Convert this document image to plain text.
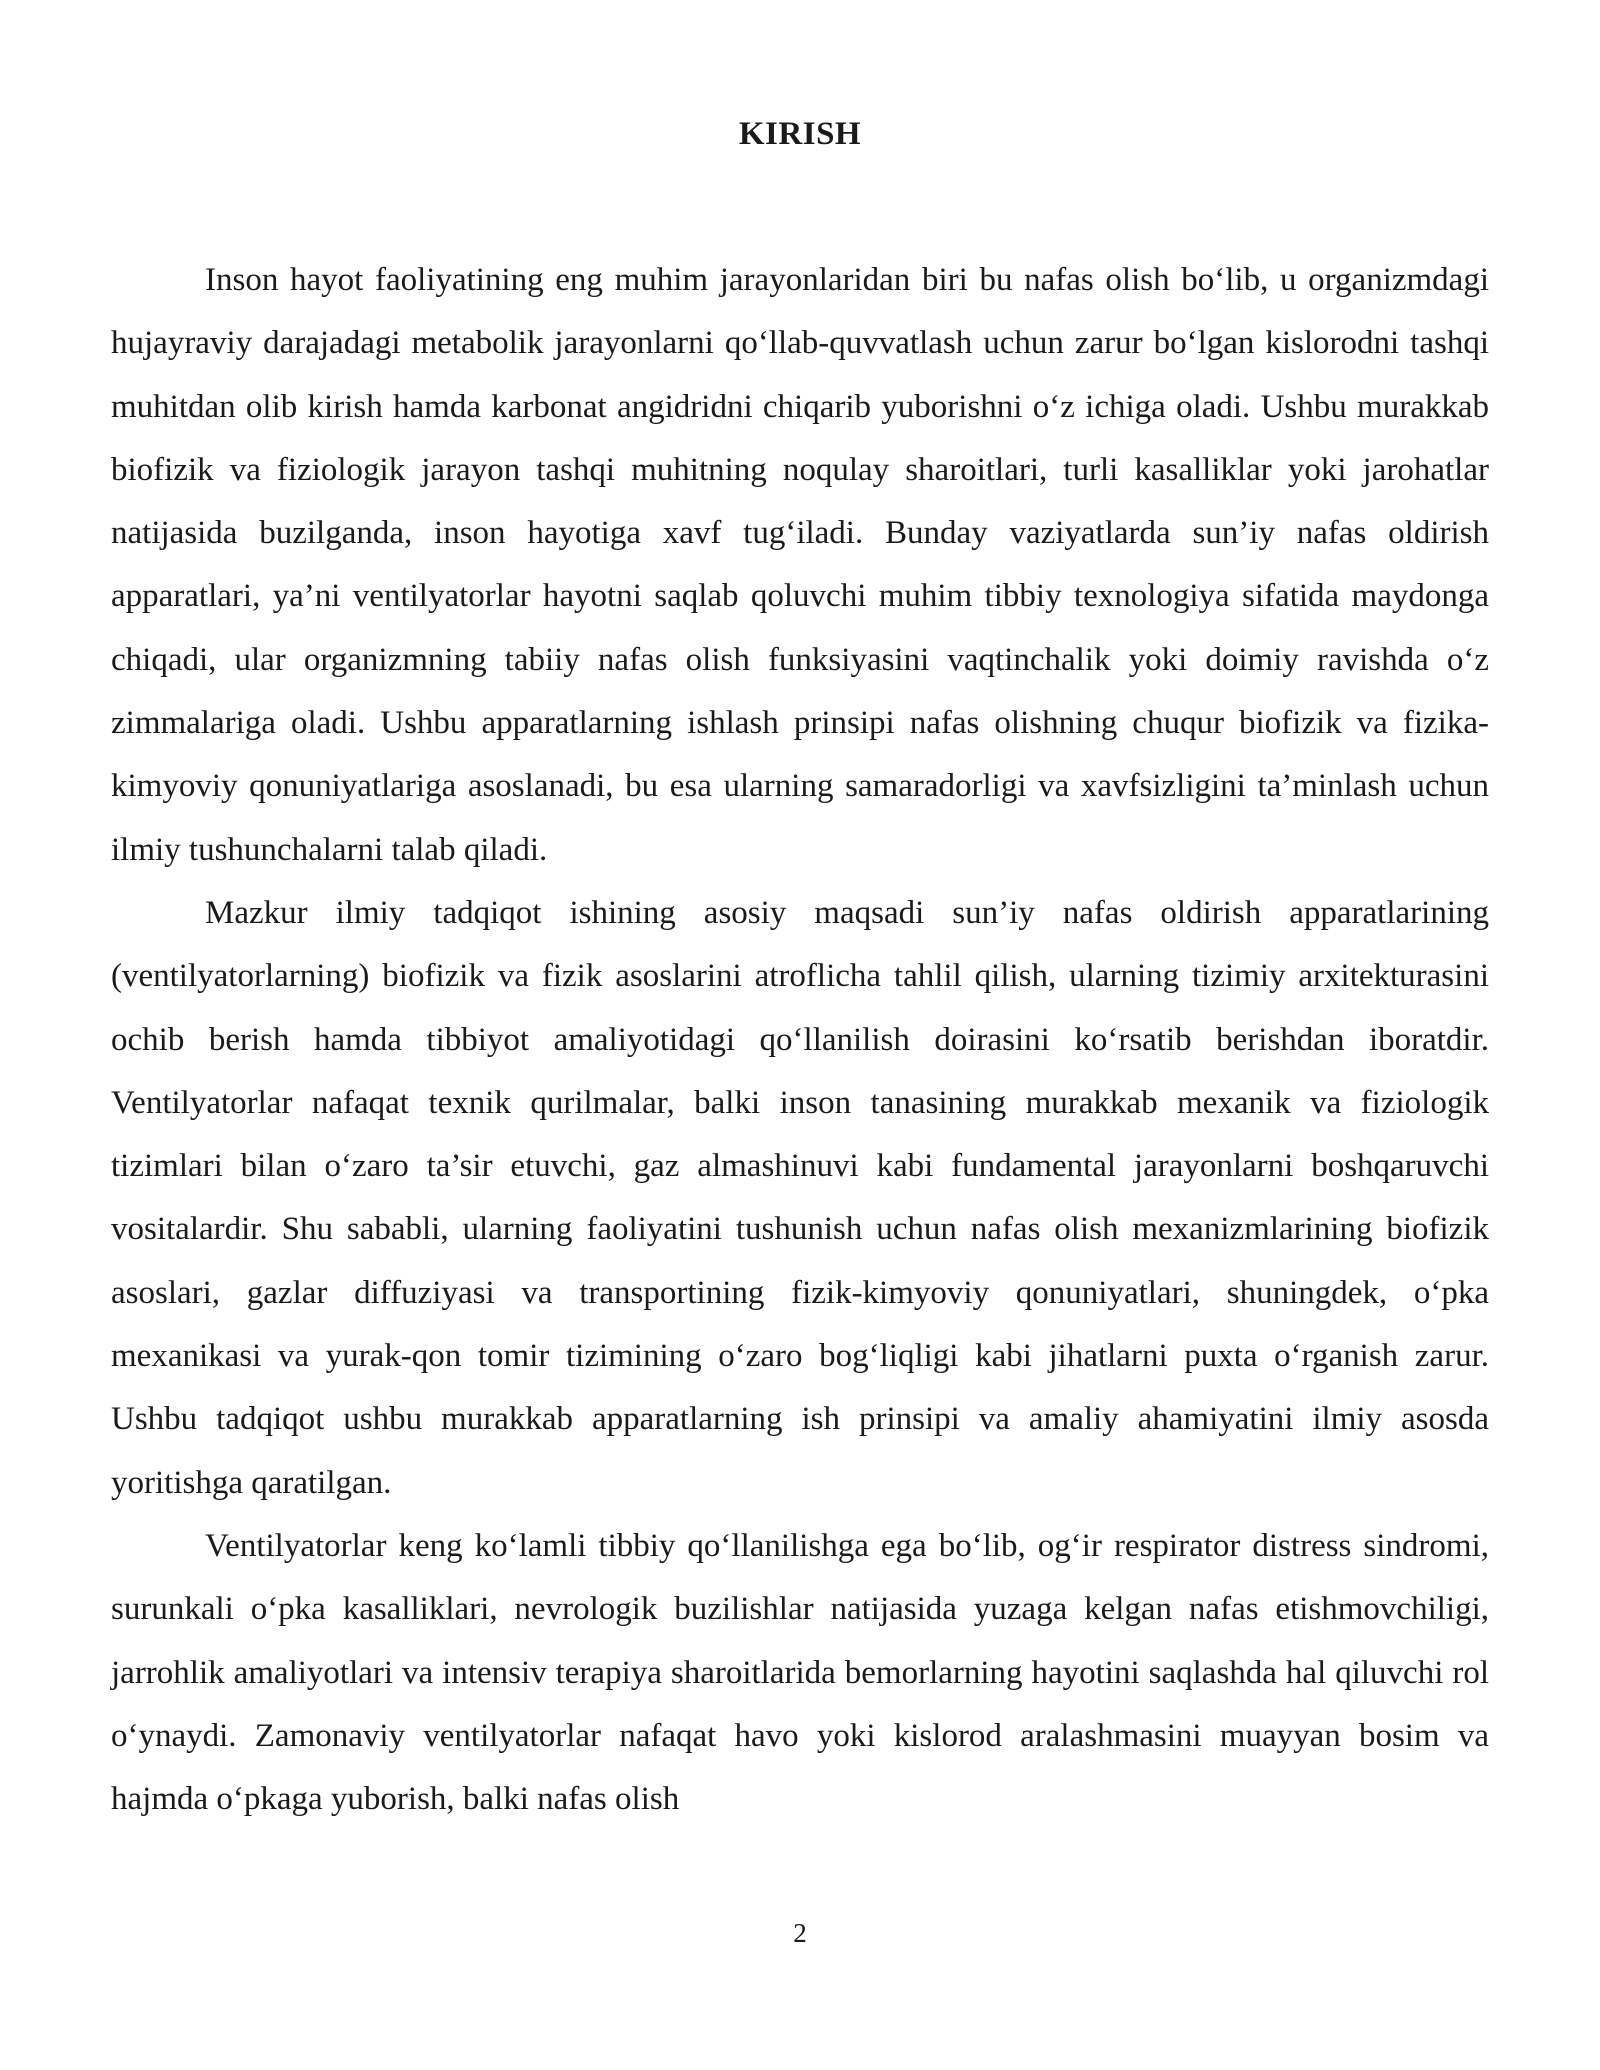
KIRISH

Inson hayot faoliyatining eng muhim jarayonlaridan biri bu nafas olish bo‘lib, u organizmdagi hujayraviy darajadagi metabolik jarayonlarni qo‘llab-quvvatlash uchun zarur bo‘lgan kislorodni tashqi muhitdan olib kirish hamda karbonat angidridni chiqarib yuborishni o‘z ichiga oladi. Ushbu murakkab biofizik va fiziologik jarayon tashqi muhitning noqulay sharoitlari, turli kasalliklar yoki jarohatlar natijasida buzilganda, inson hayotiga xavf tug‘iladi. Bunday vaziyatlarda sun’iy nafas oldirish apparatlari, ya’ni ventilyatorlar hayotni saqlab qoluvchi muhim tibbiy texnologiya sifatida maydonga chiqadi, ular organizmning tabiiy nafas olish funksiyasini vaqtinchalik yoki doimiy ravishda o‘z zimmalariga oladi. Ushbu apparatlarning ishlash prinsipi nafas olishning chuqur biofizik va fizika-kimyoviy qonuniyatlariga asoslanadi, bu esa ularning samaradorligi va xavfsizligini ta’minlash uchun ilmiy tushunchalarni talab qiladi.

Mazkur ilmiy tadqiqot ishining asosiy maqsadi sun’iy nafas oldirish apparatlarining (ventilyatorlarning) biofizik va fizik asoslarini atroflicha tahlil qilish, ularning tizimiy arxitekturasini ochib berish hamda tibbiyot amaliyotidagi qo‘llanilish doirasini ko‘rsatib berishdan iboratdir. Ventilyatorlar nafaqat texnik qurilmalar, balki inson tanasining murakkab mexanik va fiziologik tizimlari bilan o‘zaro ta’sir etuvchi, gaz almashinuvi kabi fundamental jarayonlarni boshqaruvchi vositalardir. Shu sababli, ularning faoliyatini tushunish uchun nafas olish mexanizmlarining biofizik asoslari, gazlar diffuziyasi va transportining fizik-kimyoviy qonuniyatlari, shuningdek, o‘pka mexanikasi va yurak-qon tomir tizimining o‘zaro bog‘liqligi kabi jihatlarni puxta o‘rganish zarur. Ushbu tadqiqot ushbu murakkab apparatlarning ish prinsipi va amaliy ahamiyatini ilmiy asosda yoritishga qaratilgan.

Ventilyatorlar keng ko‘lamli tibbiy qo‘llanilishga ega bo‘lib, og‘ir respirator distress sindromi, surunkali o‘pka kasalliklari, nevrologik buzilishlar natijasida yuzaga kelgan nafas etishmovchiligi, jarrohlik amaliyotlari va intensiv terapiya sharoitlarida bemorlarning hayotini saqlashda hal qiluvchi rol o‘ynaydi. Zamonaviy ventilyatorlar nafaqat havo yoki kislorod aralashmasini muayyan bosim va hajmda o‘pkaga yuborish, balki nafas olish

2
